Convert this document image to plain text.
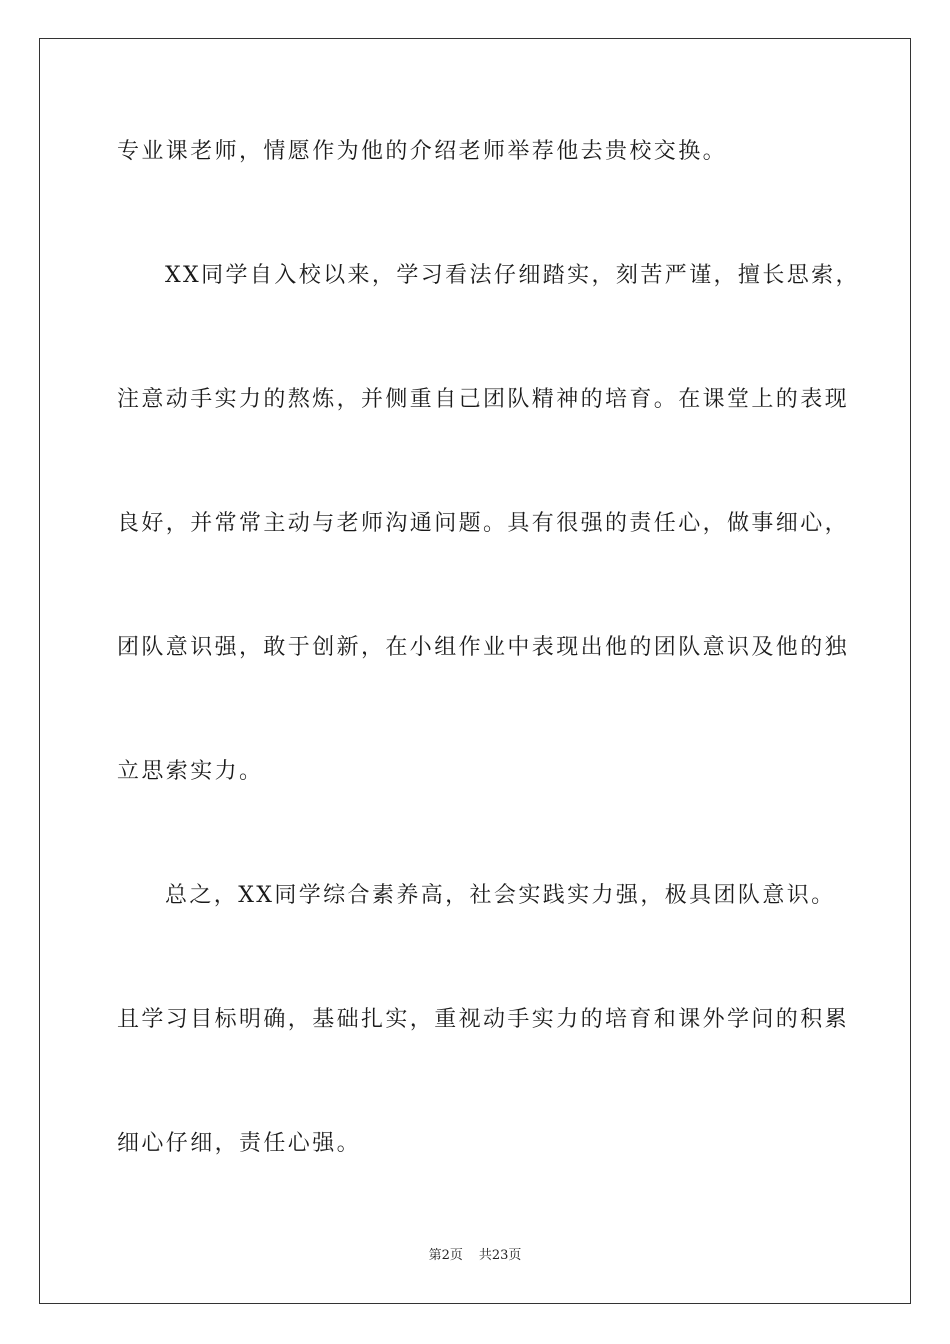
专业课老师，情愿作为他的介绍老师举荐他去贵校交换。
XX同学自入校以来，学习看法仔细踏实，刻苦严谨，擅长思索，
注意动手实力的熬炼，并侧重自己团队精神的培育。在课堂上的表现
良好，并常常主动与老师沟通问题。具有很强的责任心，做事细心，
团队意识强，敢于创新，在小组作业中表现出他的团队意识及他的独
立思索实力。
总之，XX同学综合素养高，社会实践实力强，极具团队意识。
且学习目标明确，基础扎实，重视动手实力的培育和课外学问的积累
细心仔细，责任心强。
第2页 共23页
